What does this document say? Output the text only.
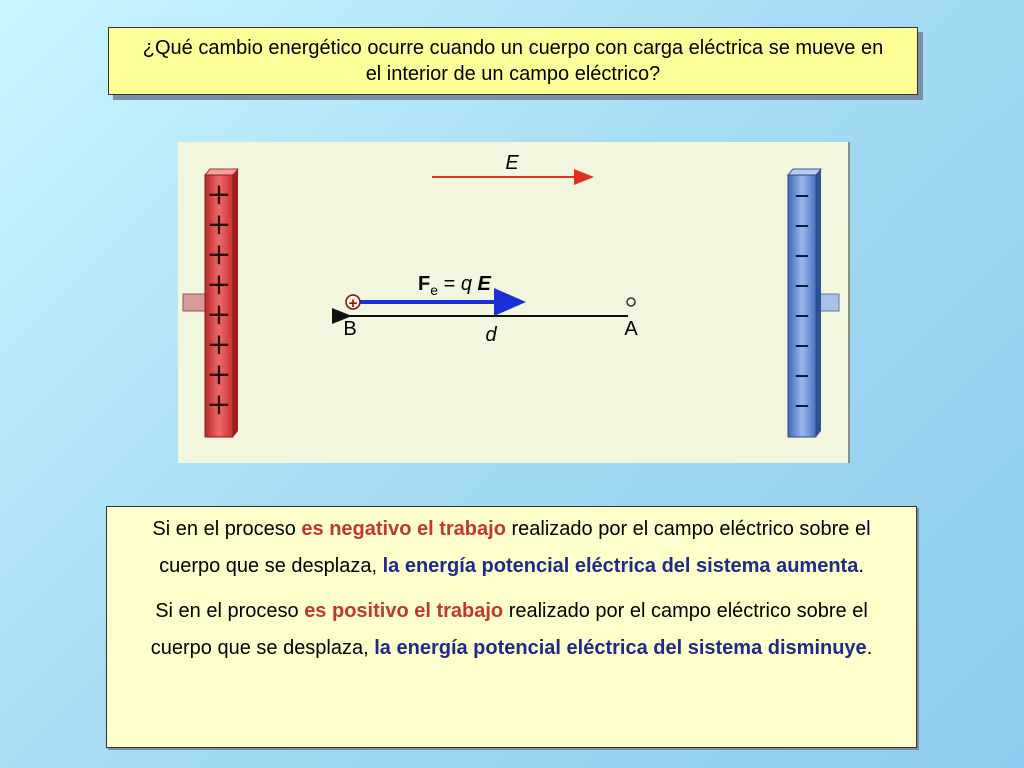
¿Qué cambio energético ocurre cuando un cuerpo con carga eléctrica se mueve en el interior de un campo eléctrico?
+
+
+
+
+
+
+
+
–
–
–
–
–
–
–
–
E
$F_e = q$ E
+
B	A
d

Si en el proceso es negativo el trabajo realizado por el campo eléctrico sobre el cuerpo que se desplaza, la energía potencial eléctrica del sistema aumenta.

Si en el proceso es positivo el trabajo realizado por el campo eléctrico sobre el cuerpo que se desplaza, la energía potencial eléctrica del sistema disminuye.
